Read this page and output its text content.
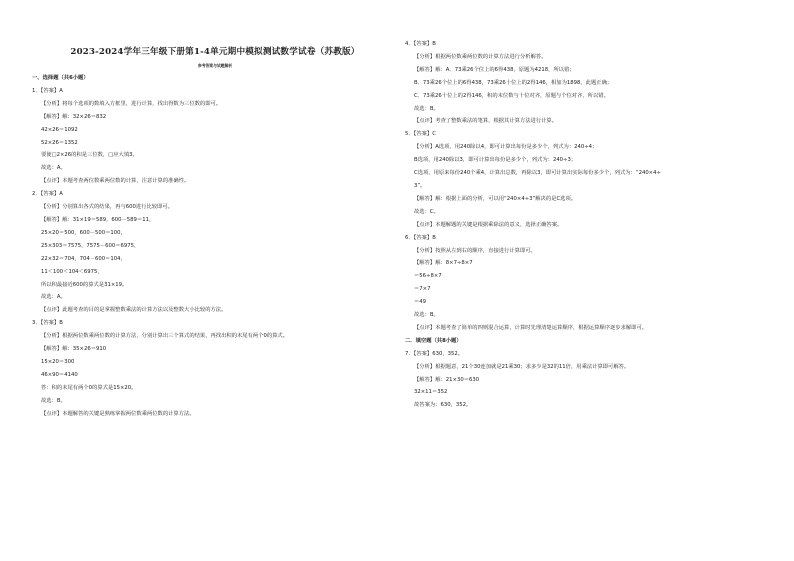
2023-2024学年三年级下册第1-4单元期中模拟测试数学试卷（苏教版）
参考答案与试题解析
一、选择题（共6小题）
1．【答案】A
【分析】将每个选项的数填入方框里，进行计算，找出得数为三位数的即可。
【解答】解：32×26＝832
42×26＝1092
52×26＝1352
要使□2×26的积是三位数，□应大填3。
故选：A。
【点评】本题考查两位数乘两位数的计算，注意计算的准确性。
2．【答案】A
【分析】分别算出各式的结果，再与600进行比较即可。
【解答】解：31×19＝589，600－589＝11，
25×20＝500，600－500＝100，
25×303＝7575，7575－600＝6975，
22×32＝704，704－600＝104，
11＜100＜104＜6975，
所以积最接近600的算式是31×19。
故选：A。
【点评】此题考查的目的是掌握整数乘法的计算方法以及整数大小比较的方法。
3．【答案】B
【分析】根据两位数乘两位数的计算方法，分别计算出三个算式的结果，再找出积的末尾有两个0的算式。
【解答】解：35×26＝910
15×20＝300
46×90＝4140
答：积的末尾有两个0的算式是15×20。
故选：B。
【点评】本题解答的关键是熟练掌握两位数乘两位数的计算方法。
4．【答案】B
【分析】根据两位数乘两位数的计算方法进行分析解答。
【解答】解：A．73乘26个位上的6得438，原题为4218，所以错；
B．73乘26个位上的6得438，73乘26十位上的2得146，相加为1898，此题正确；
C．73乘26十位上的2得146，积的末位数与十位对齐，原题与个位对齐，所以错。
故选：B。
【点评】考查了整数乘法的笔算，根据其计算方法进行计算。
5．【答案】C
【分析】A选项，用240除以4，即可计算出每份是多少个，列式为：240÷4；
B选项，用240除以3，即可计算出每份是多少个，列式为：240÷3；
C选项，用原来每份240个乘4，计算出总数，再除以3，即可计算出实际每份多少个，列式为：“240×4÷
3”。
【解答】解：根据上面的分析，可以用“240×4÷3”解决的是C选项。
故选：C。
【点评】本题解题的关键是根据乘除法的意义，选择正确答案。
6．【答案】B
【分析】按照从左到右的顺序，直接进行计算即可。
【解答】解：8×7÷8×7
＝56÷8×7
＝7×7
＝49
故选：B。
【点评】本题考查了简单的四则混合运算，计算时先理清楚运算顺序，根据运算顺序逐步求解即可。
二．填空题（共8小题）
7．【答案】630，352。
【分析】根据题意，21个30连加就是21乘30；求多少是32的11倍，用乘法计算即可解答。
【解答】解：21×30＝630
32×11＝352
故答案为：630，352。
